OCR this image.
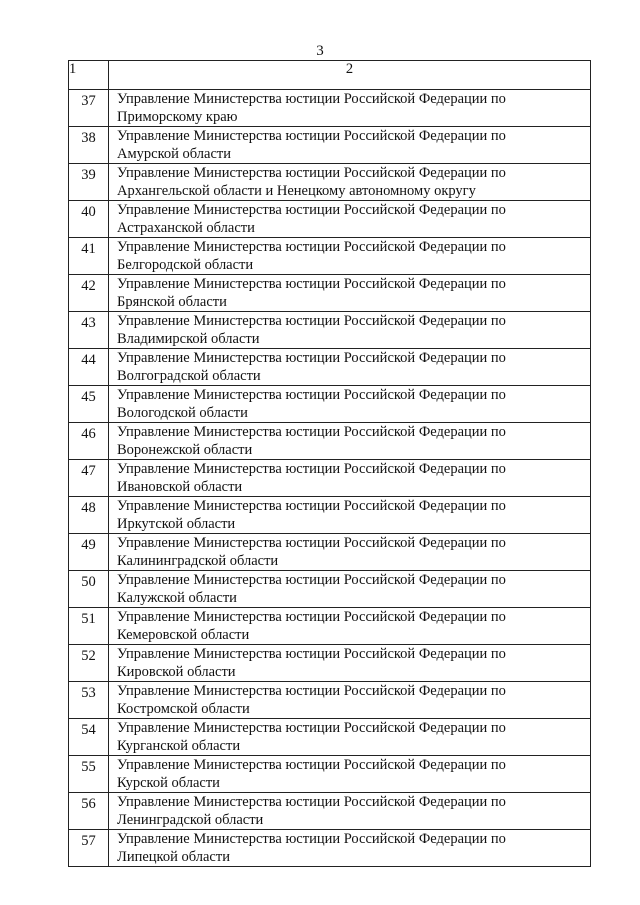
3
1	2
37	Управление Министерства юстиции Российской Федерации по
Приморскому краю

38	Управление Министерства юстиции Российской Федерации по
Амурской области

39	Управление Министерства юстиции Российской Федерации по
Архангельской области и Ненецкому автономному округу

40	Управление Министерства юстиции Российской Федерации по
Астраханской области

41	Управление Министерства юстиции Российской Федерации по
Белгородской области

42	Управление Министерства юстиции Российской Федерации по
Брянской области

43	Управление Министерства юстиции Российской Федерации по
Владимирской области

44	Управление Министерства юстиции Российской Федерации по
Волгоградской области

45	Управление Министерства юстиции Российской Федерации по
Вологодской области

46	Управление Министерства юстиции Российской Федерации по
Воронежской области

47	Управление Министерства юстиции Российской Федерации по
Ивановской области

48	Управление Министерства юстиции Российской Федерации по
Иркутской области

49	Управление Министерства юстиции Российской Федерации по
Калининградской области

50	Управление Министерства юстиции Российской Федерации по
Калужской области

51	Управление Министерства юстиции Российской Федерации по
Кемеровской области

52	Управление Министерства юстиции Российской Федерации по
Кировской области

53	Управление Министерства юстиции Российской Федерации по
Костромской области

54	Управление Министерства юстиции Российской Федерации по
Курганской области

55	Управление Министерства юстиции Российской Федерации по
Курской области

56	Управление Министерства юстиции Российской Федерации по
Ленинградской области

57	Управление Министерства юстиции Российской Федерации по
Липецкой области
